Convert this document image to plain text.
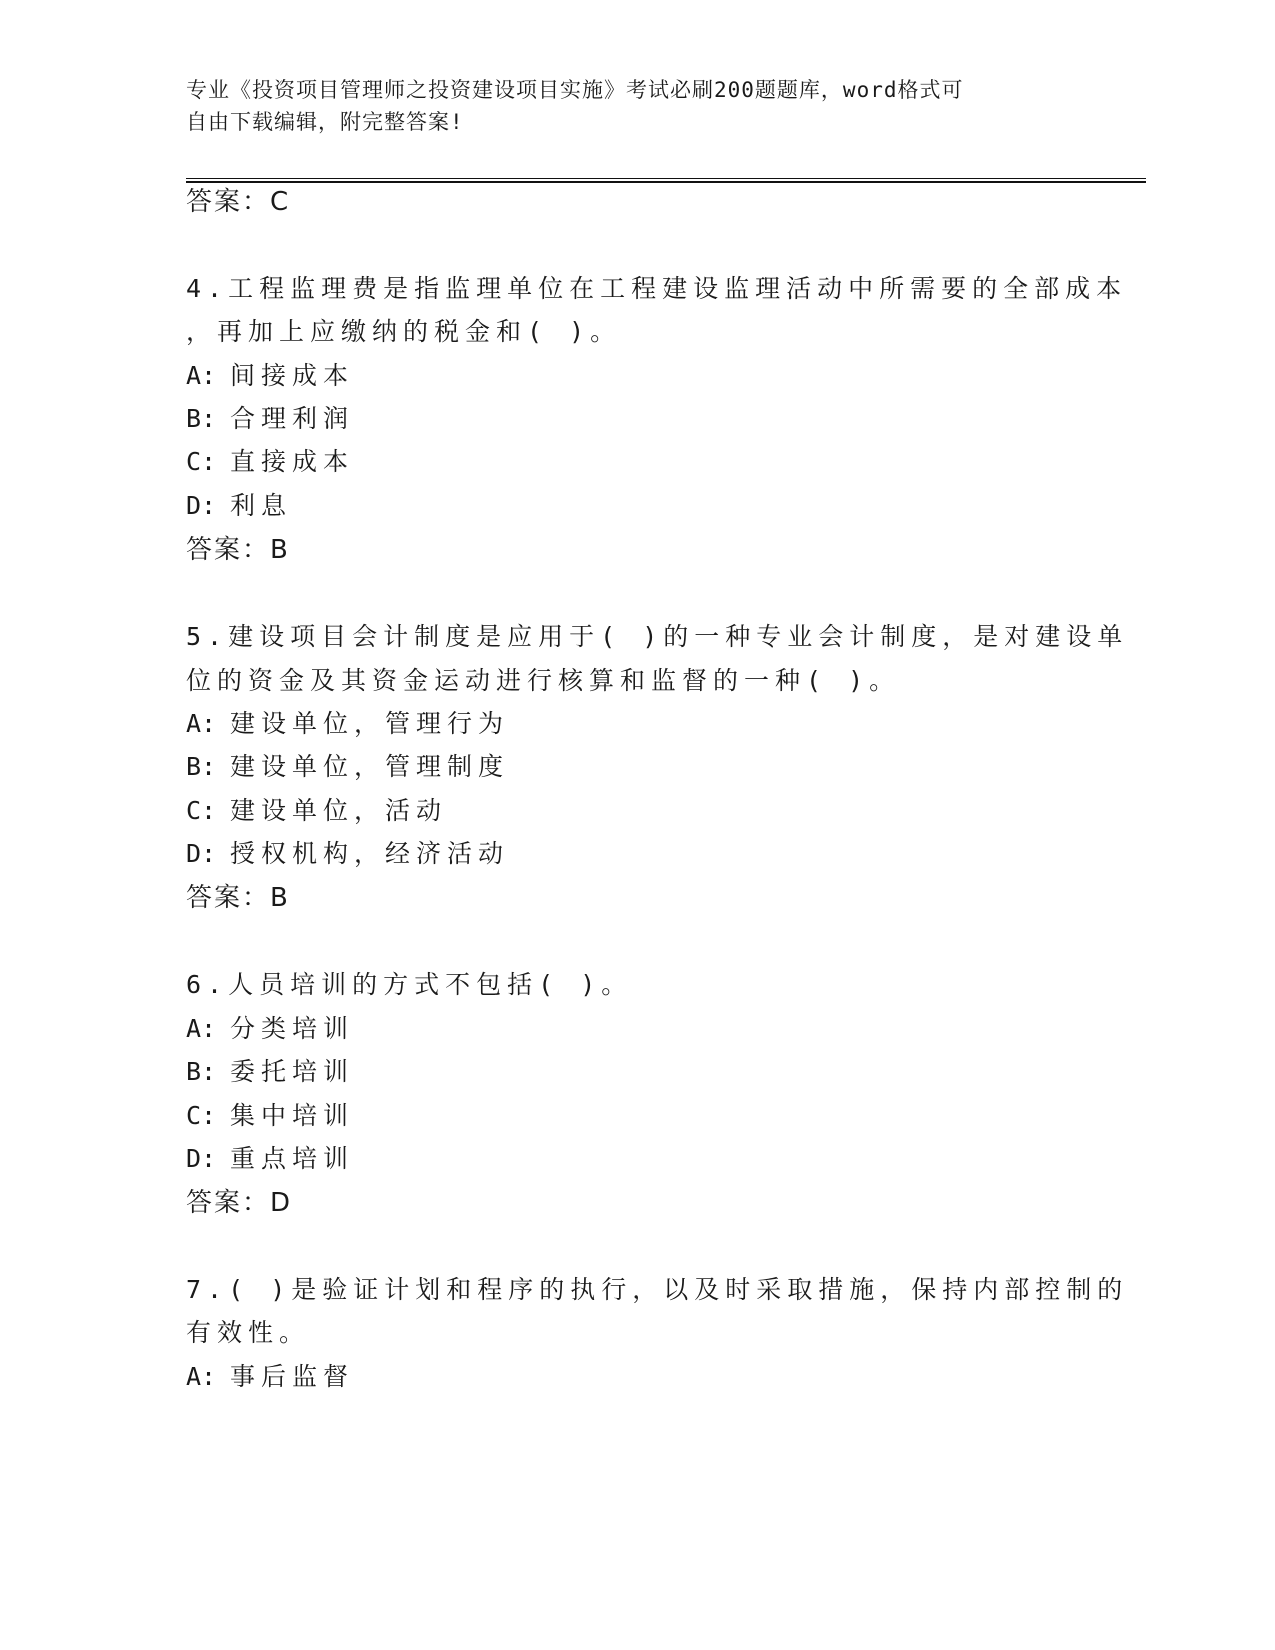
专业《投资项目管理师之投资建设项目实施》考试必刷200题题库，word格式可
自由下载编辑，附完整答案!
答案：C
4.工程监理费是指监理单位在工程建设监理活动中所需要的全部成本
，再加上应缴纳的税金和( )。
A: 间接成本
B: 合理利润
C: 直接成本
D: 利息
答案：B
5.建设项目会计制度是应用于( )的一种专业会计制度，是对建设单
位的资金及其资金运动进行核算和监督的一种( )。
A: 建设单位，管理行为
B: 建设单位，管理制度
C: 建设单位，活动
D: 授权机构，经济活动
答案：B
6.人员培训的方式不包括( )。
A: 分类培训
B: 委托培训
C: 集中培训
D: 重点培训
答案：D
7.( )是验证计划和程序的执行，以及时采取措施，保持内部控制的
有效性。
A: 事后监督
